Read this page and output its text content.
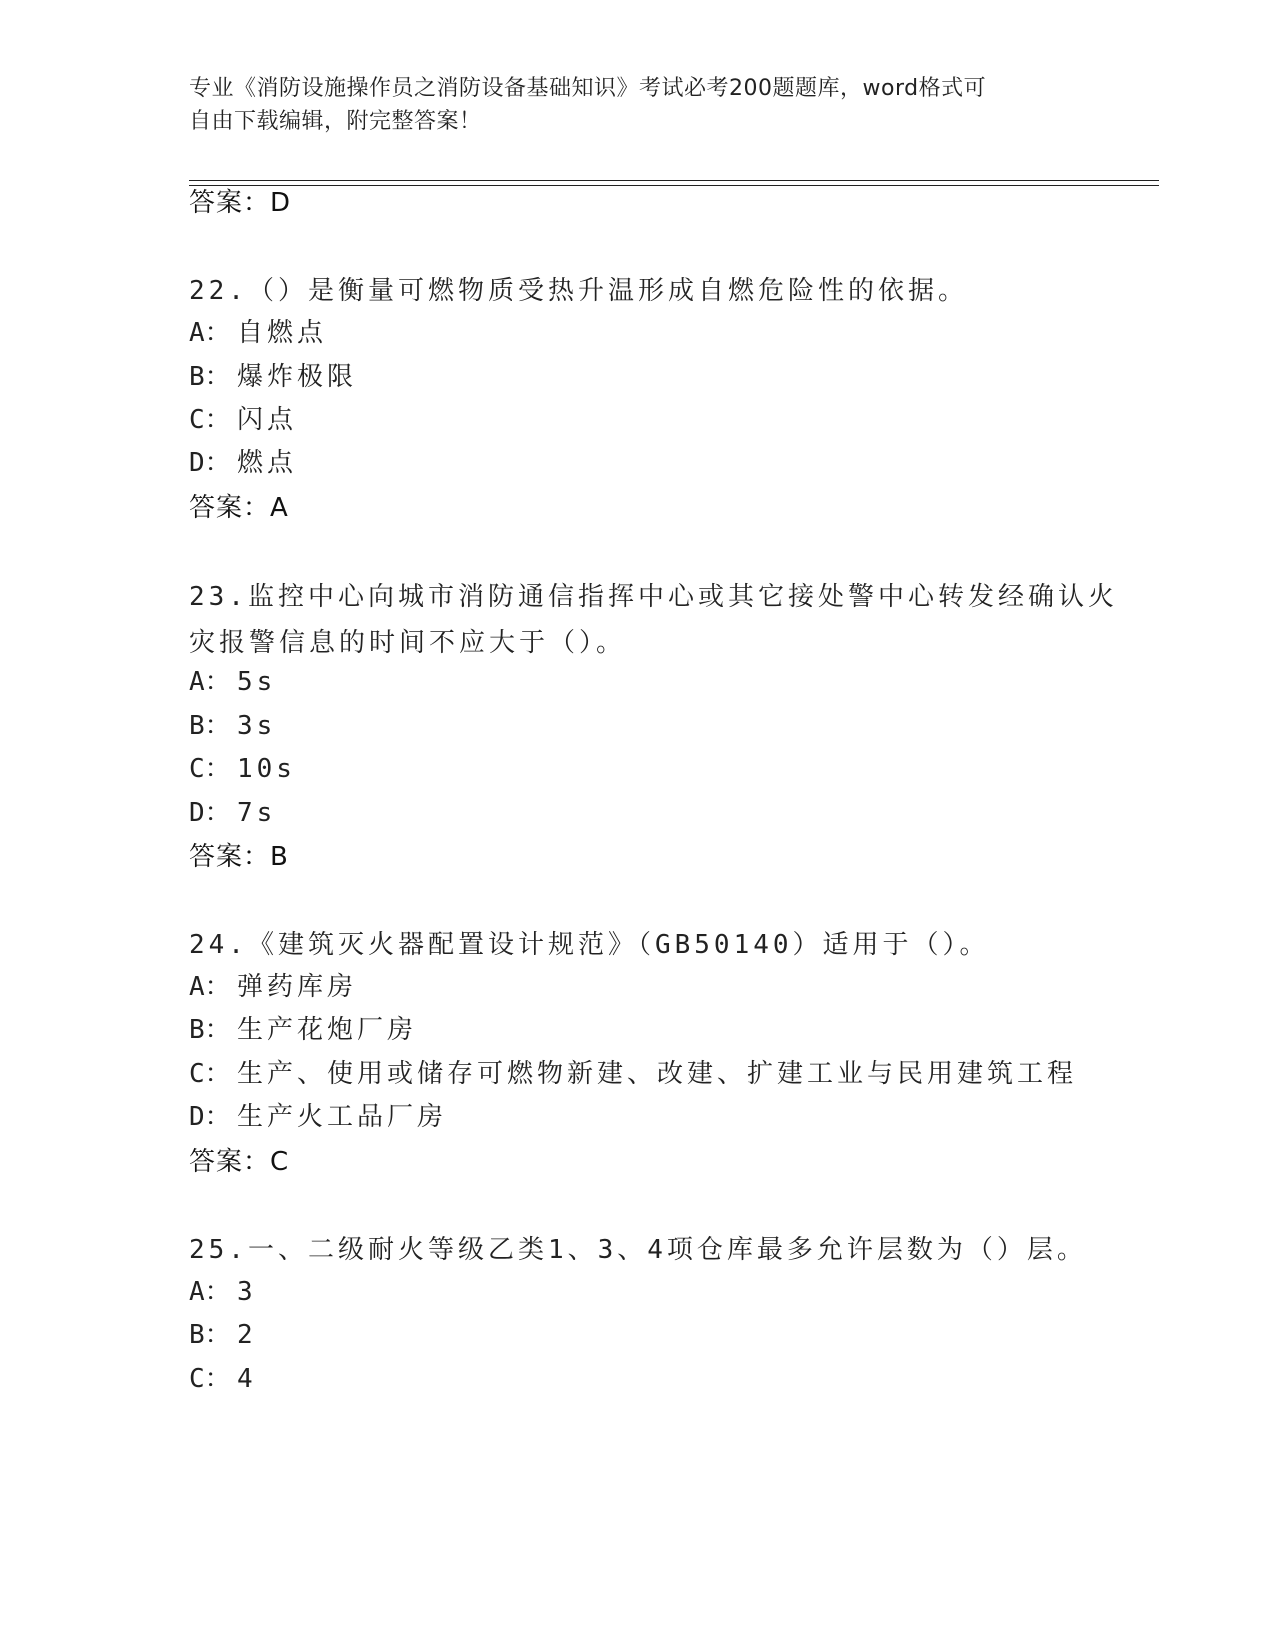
专业《消防设施操作员之消防设备基础知识》考试必考200题题库，word格式可
自由下载编辑，附完整答案！
答案：D
22.（）是衡量可燃物质受热升温形成自燃危险性的依据。
A： 自燃点
B： 爆炸极限
C： 闪点
D： 燃点
答案：A
23.监控中心向城市消防通信指挥中心或其它接处警中心转发经确认火
灾报警信息的时间不应大于（）。
A： 5s
B： 3s
C： 10s
D： 7s
答案：B
24.《建筑灭火器配置设计规范》（GB50140）适用于（）。
A： 弹药库房
B： 生产花炮厂房
C： 生产、使用或储存可燃物新建、改建、扩建工业与民用建筑工程
D： 生产火工品厂房
答案：C
25.一、二级耐火等级乙类1、3、4项仓库最多允许层数为（）层。
A： 3
B： 2
C： 4
